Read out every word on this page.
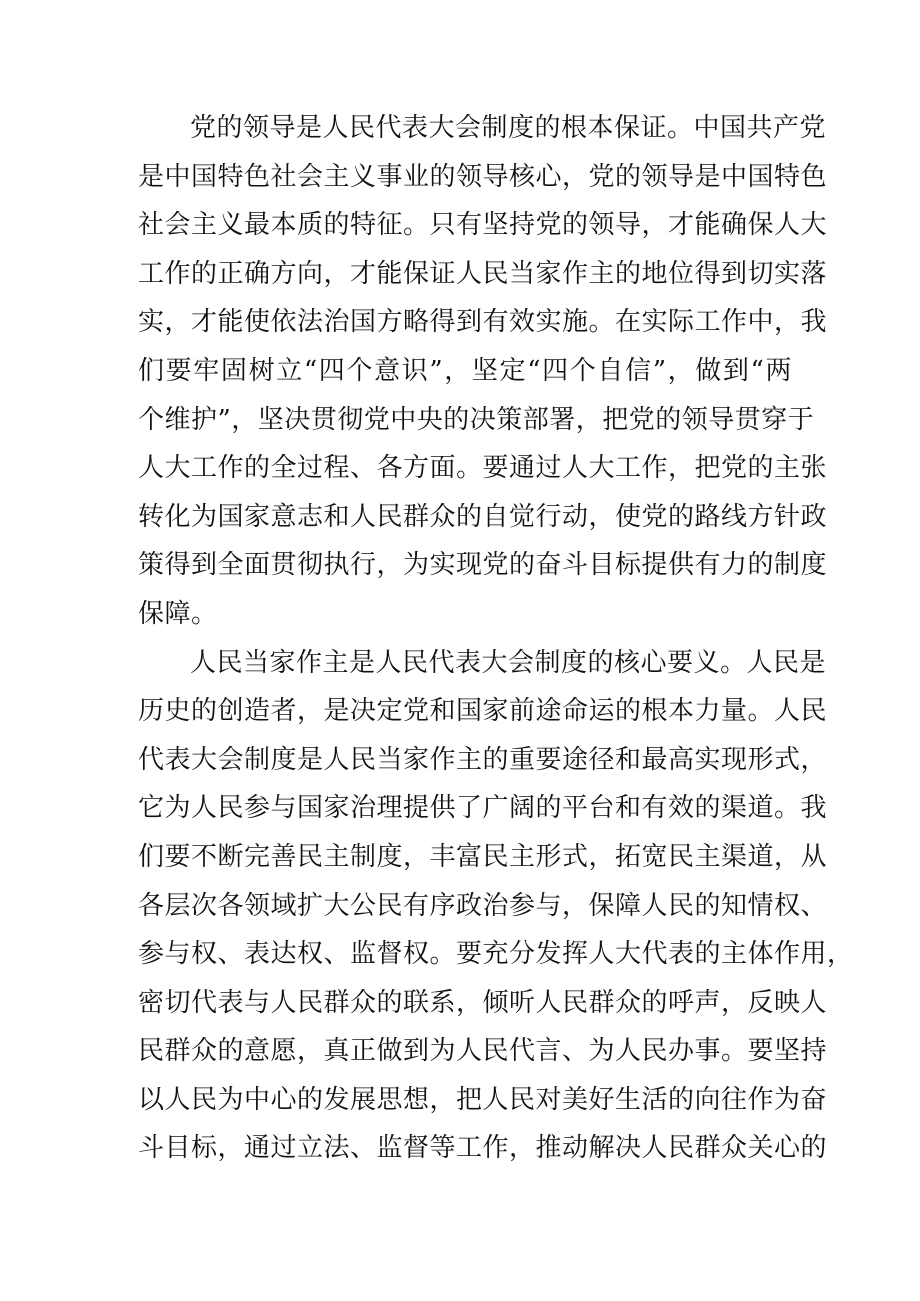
党的领导是人民代表大会制度的根本保证。中国共产党
是中国特色社会主义事业的领导核心，党的领导是中国特色
社会主义最本质的特征。只有坚持党的领导，才能确保人大
工作的正确方向，才能保证人民当家作主的地位得到切实落
实，才能使依法治国方略得到有效实施。在实际工作中，我
们要牢固树立“四个意识”，坚定“四个自信”，做到“两
个维护”，坚决贯彻党中央的决策部署，把党的领导贯穿于
人大工作的全过程、各方面。要通过人大工作，把党的主张
转化为国家意志和人民群众的自觉行动，使党的路线方针政
策得到全面贯彻执行，为实现党的奋斗目标提供有力的制度
保障。
人民当家作主是人民代表大会制度的核心要义。人民是
历史的创造者，是决定党和国家前途命运的根本力量。人民
代表大会制度是人民当家作主的重要途径和最高实现形式，
它为人民参与国家治理提供了广阔的平台和有效的渠道。我
们要不断完善民主制度，丰富民主形式，拓宽民主渠道，从
各层次各领域扩大公民有序政治参与，保障人民的知情权、
参与权、表达权、监督权。要充分发挥人大代表的主体作用，
密切代表与人民群众的联系，倾听人民群众的呼声，反映人
民群众的意愿，真正做到为人民代言、为人民办事。要坚持
以人民为中心的发展思想，把人民对美好生活的向往作为奋
斗目标，通过立法、监督等工作，推动解决人民群众关心的
